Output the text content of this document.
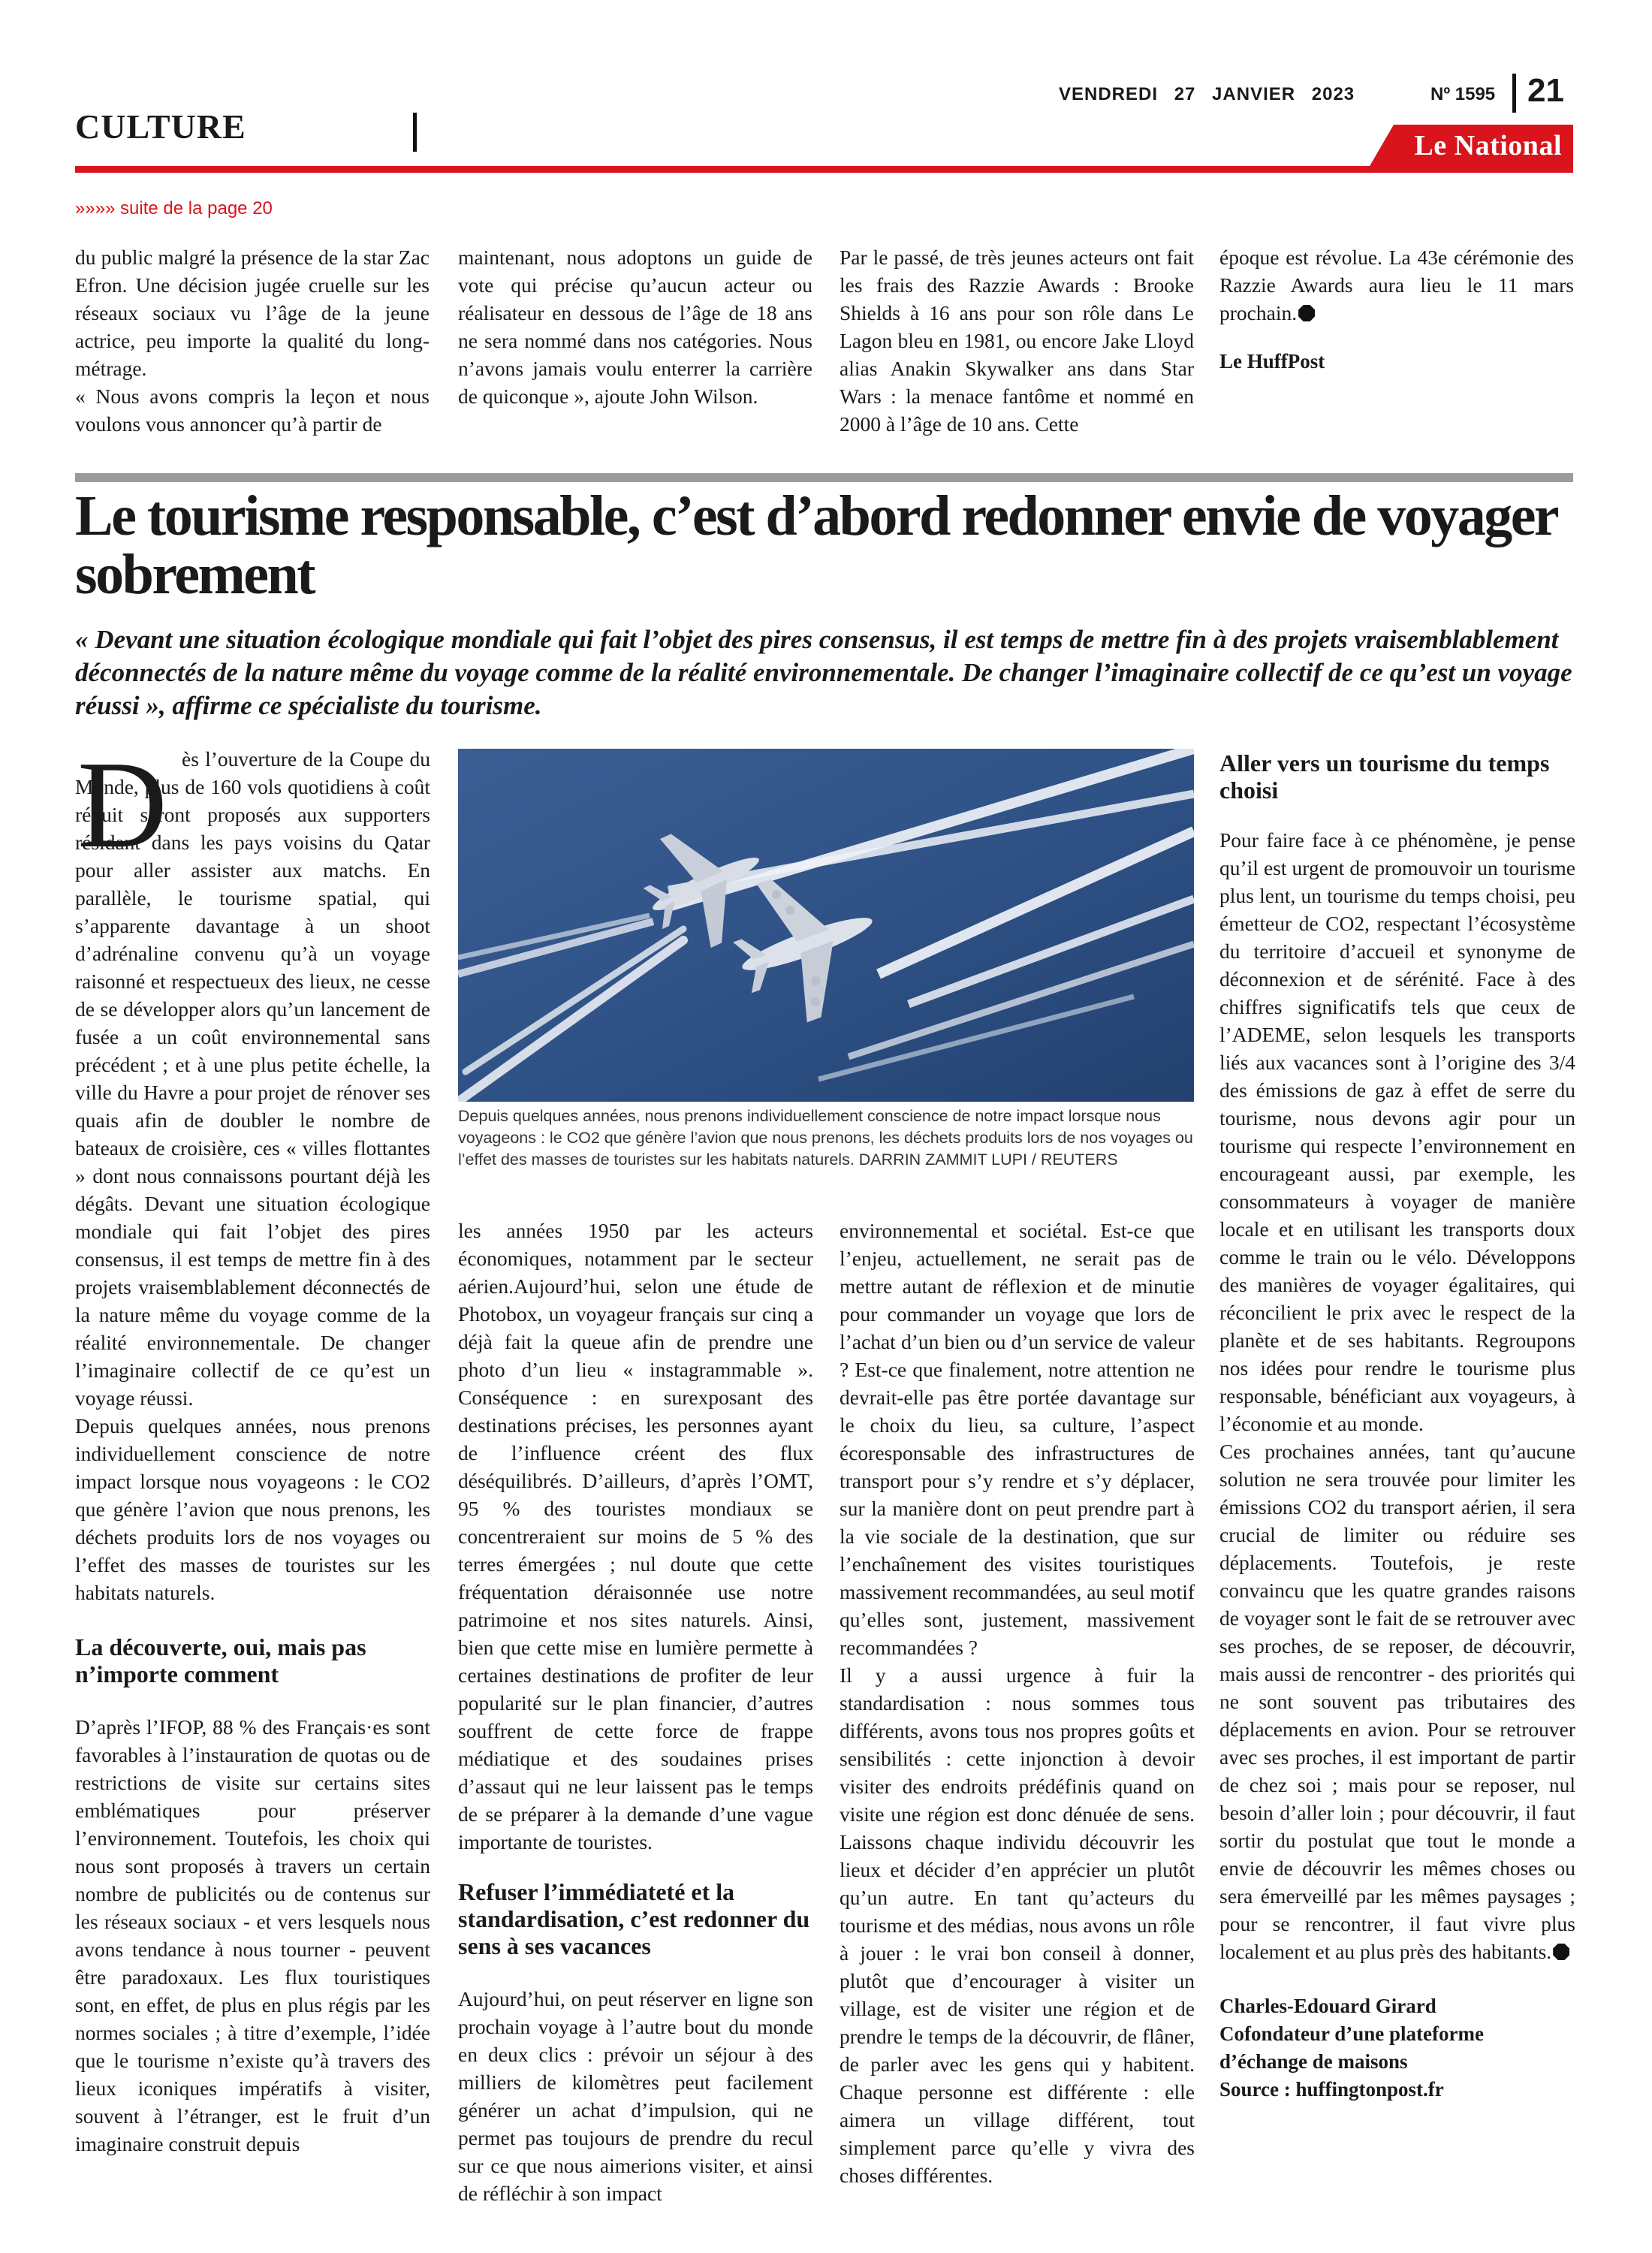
CULTURE
VENDREDI 27 JANVIER 2023	Nº 1595 21
Le National
»»»» suite de la page 20

du public malgré la présence de la star Zac Efron. Une décision jugée cruelle sur les réseaux sociaux vu l’âge de la jeune actrice, peu importe la qualité du long-métrage.

« Nous avons compris la leçon et nous voulons vous annoncer qu’à partir de

maintenant, nous adoptons un guide de vote qui précise qu’aucun acteur ou réalisateur en dessous de l’âge de 18 ans ne sera nommé dans nos catégories. Nous n’avons jamais voulu enterrer la carrière de quiconque », ajoute John Wilson.

Par le passé, de très jeunes acteurs ont fait les frais des Razzie Awards : Brooke Shields à 16 ans pour son rôle dans Le Lagon bleu en 1981, ou encore Jake Lloyd alias Anakin Skywalker ans dans Star Wars : la menace fantôme et nommé en 2000 à l’âge de 10 ans. Cette

époque est révolue. La 43e cérémonie des Razzie Awards aura lieu le 11 mars prochain.

Le HuffPost

Le tourisme responsable, c’est d’abord redonner envie de voyager sobrement
« Devant une situation écologique mondiale qui fait l’objet des pires consensus, il est temps de mettre fin à des projets vraisemblablement déconnectés de la nature même du voyage comme de la réalité environnementale. De changer l’imaginaire collectif de ce qu’est un voyage réussi », affirme ce spécialiste du tourisme.
D ès l’ouverture de la Coupe du Monde, plus de 160 vols quotidiens à coût réduit seront proposés aux supporters résidant dans les pays voisins du Qatar pour aller assister aux matchs. En parallèle, le tourisme spatial, qui s’apparente davantage à un shoot d’adrénaline convenu qu’à un voyage raisonné et respectueux des lieux, ne cesse de se développer alors qu’un lancement de fusée a un coût environnemental sans précédent ; et à une plus petite échelle, la ville du Havre a pour projet de rénover ses quais afin de doubler le nombre de bateaux de croisière, ces « villes flottantes » dont nous connaissons pourtant déjà les dégâts. Devant une situation écologique mondiale qui fait l’objet des pires consensus, il est temps de mettre fin à des projets vraisemblablement déconnectés de la nature même du voyage comme de la réalité environnementale. De changer l’imaginaire collectif de ce qu’est un voyage réussi.

Depuis quelques années, nous prenons individuellement conscience de notre impact lorsque nous voyageons : le CO2 que génère l’avion que nous prenons, les déchets produits lors de nos voyages ou l’effet des masses de touristes sur les habitats naturels.

La découverte, oui, mais pas n’importe comment

D’après l’IFOP, 88 % des Français·es sont favorables à l’instauration de quotas ou de restrictions de visite sur certains sites emblématiques pour préserver l’environnement. Toutefois, les choix qui nous sont proposés à travers un certain nombre de publicités ou de contenus sur les réseaux sociaux - et vers lesquels nous avons tendance à nous tourner - peuvent être paradoxaux. Les flux touristiques sont, en effet, de plus en plus régis par les normes sociales ; à titre d’exemple, l’idée que le tourisme n’existe qu’à travers des lieux iconiques impératifs à visiter, souvent à l’étranger, est le fruit d’un imaginaire construit depuis

Depuis quelques années, nous prenons individuellement conscience de notre impact lorsque nous voyageons : le CO2 que génère l’avion que nous prenons, les déchets produits lors de nos voyages ou l’effet des masses de touristes sur les habitats naturels. DARRIN ZAMMIT LUPI / REUTERS

les années 1950 par les acteurs économiques, notamment par le secteur aérien.Aujourd’hui, selon une étude de Photobox, un voyageur français sur cinq a déjà fait la queue afin de prendre une photo d’un lieu « instagrammable ». Conséquence : en surexposant des destinations précises, les personnes ayant de l’influence créent des flux déséquilibrés. D’ailleurs, d’après l’OMT, 95 % des touristes mondiaux se concentreraient sur moins de 5 % des terres émergées ; nul doute que cette fréquentation déraisonnée use notre patrimoine et nos sites naturels. Ainsi, bien que cette mise en lumière permette à certaines destinations de profiter de leur popularité sur le plan financier, d’autres souffrent de cette force de frappe médiatique et des soudaines prises d’assaut qui ne leur laissent pas le temps de se préparer à la demande d’une vague importante de touristes.

Refuser l’immédiateté et la standardisation, c’est redonner du sens à ses vacances

Aujourd’hui, on peut réserver en ligne son prochain voyage à l’autre bout du monde en deux clics : prévoir un séjour à des milliers de kilomètres peut facilement générer un achat d’impulsion, qui ne permet pas toujours de prendre du recul sur ce que nous aimerions visiter, et ainsi de réfléchir à son impact

environnemental et sociétal. Est-ce que l’enjeu, actuellement, ne serait pas de mettre autant de réflexion et de minutie pour commander un voyage que lors de l’achat d’un bien ou d’un service de valeur ? Est-ce que finalement, notre attention ne devrait-elle pas être portée davantage sur le choix du lieu, sa culture, l’aspect écoresponsable des infrastructures de transport pour s’y rendre et s’y déplacer, sur la manière dont on peut prendre part à la vie sociale de la destination, que sur l’enchaînement des visites touristiques massivement recommandées, au seul motif qu’elles sont, justement, massivement recommandées ?

Il y a aussi urgence à fuir la standardisation : nous sommes tous différents, avons tous nos propres goûts et sensibilités : cette injonction à devoir visiter des endroits prédéfinis quand on visite une région est donc dénuée de sens. Laissons chaque individu découvrir les lieux et décider d’en apprécier un plutôt qu’un autre. En tant qu’acteurs du tourisme et des médias, nous avons un rôle à jouer : le vrai bon conseil à donner, plutôt que d’encourager à visiter un village, est de visiter une région et de prendre le temps de la découvrir, de flâner, de parler avec les gens qui y habitent. Chaque personne est différente : elle aimera un village différent, tout simplement parce qu’elle y vivra des choses différentes.

Aller vers un tourisme du temps choisi

Pour faire face à ce phénomène, je pense qu’il est urgent de promouvoir un tourisme plus lent, un tourisme du temps choisi, peu émetteur de CO2, respectant l’écosystème du territoire d’accueil et synonyme de déconnexion et de sérénité. Face à des chiffres significatifs tels que ceux de l’ADEME, selon lesquels les transports liés aux vacances sont à l’origine des 3/4 des émissions de gaz à effet de serre du tourisme, nous devons agir pour un tourisme qui respecte l’environnement en encourageant aussi, par exemple, les consommateurs à voyager de manière locale et en utilisant les transports doux comme le train ou le vélo. Développons des manières de voyager égalitaires, qui réconcilient le prix avec le respect de la planète et de ses habitants. Regroupons nos idées pour rendre le tourisme plus responsable, bénéficiant aux voyageurs, à l’économie et au monde.

Ces prochaines années, tant qu’aucune solution ne sera trouvée pour limiter les émissions CO2 du transport aérien, il sera crucial de limiter ou réduire ses déplacements. Toutefois, je reste convaincu que les quatre grandes raisons de voyager sont le fait de se retrouver avec ses proches, de se reposer, de découvrir, mais aussi de rencontrer - des priorités qui ne sont souvent pas tributaires des déplacements en avion. Pour se retrouver avec ses proches, il est important de partir de chez soi ; mais pour se reposer, nul besoin d’aller loin ; pour découvrir, il faut sortir du postulat que tout le monde a envie de découvrir les mêmes choses ou sera émerveillé par les mêmes paysages ; pour se rencontrer, il faut vivre plus localement et au plus près des habitants.

Charles-Edouard Girard

Cofondateur d’une plateforme d’échange de maisons

Source : huffingtonpost.fr
